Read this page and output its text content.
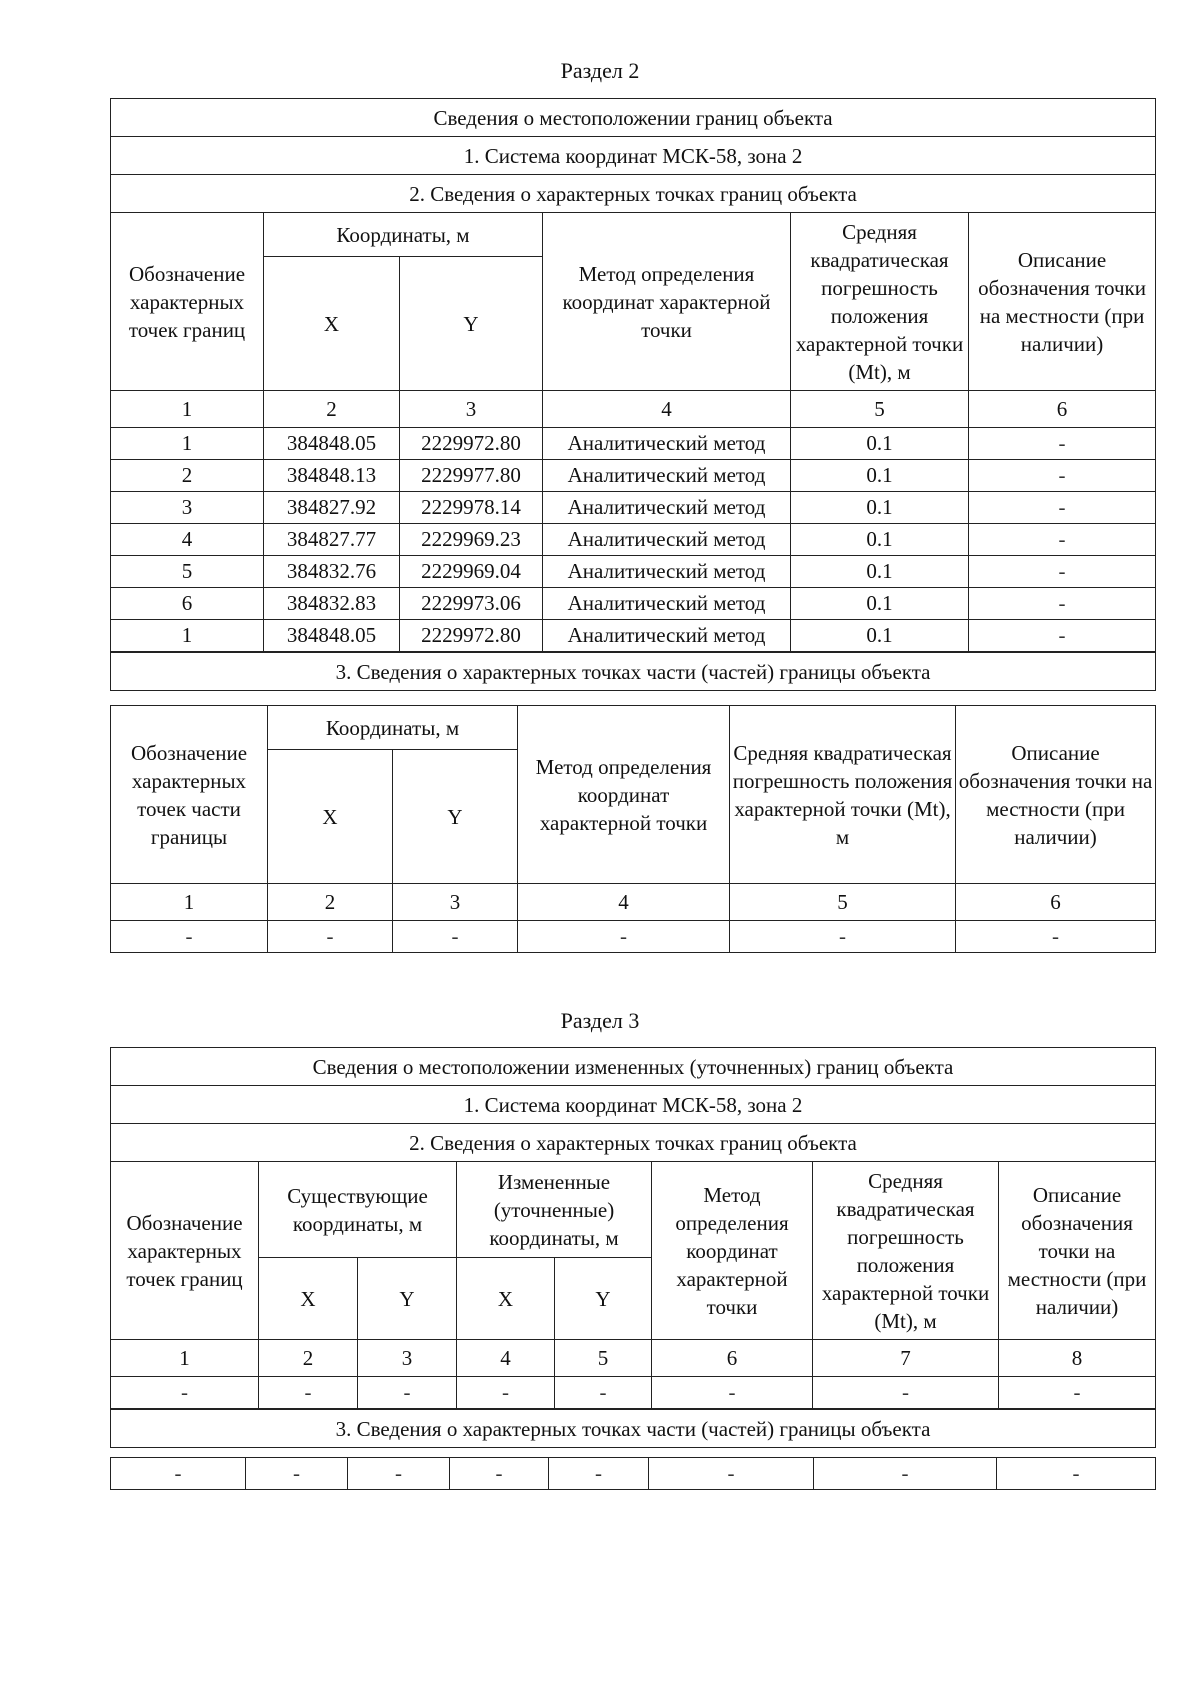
Раздел 2
Сведения о местоположении границ объекта					
1. Система координат МСК-58, зона 2					
2. Сведения о характерных точках границ объекта					
Обозначение характерных точек границ	Координаты, м		Метод определения координат характерной точки	Средняя квадратическая погрешность положения характерной точки (Mt), м	Описание обозначения точки на местности (при наличии)
	X	Y			
1	2	3	4	5	6
1	384848.05	2229972.80	Аналитический метод	0.1	-
2	384848.13	2229977.80	Аналитический метод	0.1	-
3	384827.92	2229978.14	Аналитический метод	0.1	-
4	384827.77	2229969.23	Аналитический метод	0.1	-
5	384832.76	2229969.04	Аналитический метод	0.1	-
6	384832.83	2229973.06	Аналитический метод	0.1	-
1	384848.05	2229972.80	Аналитический метод	0.1	-
3. Сведения о характерных точках части (частей) границы объекта					
Обозначение характерных точек части границы	Координаты, м		Метод определения координат характерной точки	Средняя квадратическая погрешность положения характерной точки (Mt), м	Описание обозначения точки на местности (при наличии)
	X	Y			
1	2	3	4	5	6
-	-	-	-	-	-
Раздел 3
Сведения о местоположении измененных (уточненных) границ объекта							
1. Система координат МСК-58, зона 2							
2. Сведения о характерных точках границ объекта							
Обозначение характерных точек границ	Существующие координаты, м		Измененные (уточненные) координаты, м		Метод определения координат характерной точки	Средняя квадратическая погрешность положения характерной точки (Mt), м	Описание обозначения точки на местности (при наличии)
	X	Y	X	Y			
1	2	3	4	5	6	7	8
-	-	-	-	-	-	-	-
3. Сведения о характерных точках части (частей) границы объекта							
-	-	-	-	-	-	-	-
